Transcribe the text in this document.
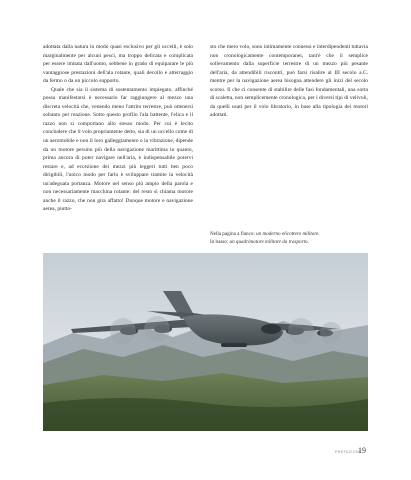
adottata dalla natura in modo quasi esclusivo per gli uccelli, è solo marginalmente per alcuni pesci, ma troppo delicata e complicata per essere imitata dall'uomo, sebbene in grado di equiparare le più vantaggiose prestazioni dell'ala rotante, quali decollo e atterraggio da fermo o da un piccolo supporto.

Quale che sia il sistema di sostentamento impiegato, affinché possa manifestarsi è necessario far raggiungere al mezzo una discreta velocità che, venendo meno l'attrito terrestre, può ottenersi soltanto per reazione. Sotto questo profilo l'ala battente, l'elica e il razzo non si comportano allo stesso modo. Per cui è lecito concludere che il volo propriamente detto, sia di un uccello come di un aeromobile e non il loro galleggiamento o la vibrazione, dipende da un motore persino più della navigazione marittima in quanto, prima ancora di poter navigare nell'aria, è indispensabile potervi restare e, ad eccezione dei mezzi più leggeri tutti ben poco dirigibili, l'unico modo per farlo è sviluppare tramite la velocità un'adeguata portanza. Motore nel senso più ampio della parola e non necessariamente macchina rotante: del resto si chiama motore anche il razzo, che non gira affatto! Dunque motore e navigazione aerea, piutto-

sto che mero volo, sono intimamente connessi e interdipendenti tuttavia non cronologicamente contemporanei, tant'è che il semplice sollevamento dalla superficie terrestre di un mezzo più pesante dell'aria, da attendibili riscontri, può farsi risalire al III secolo a.C. mentre per la navigazione aerea bisogna attendere gli inizi del secolo scorso. Il che ci consente di stabilire delle fasi fondamentali, una sorta di scaletta, non semplicemente cronologica, per i diversi tipi di velivoli, da quelli usati per il volo libratorio, in base alla tipologia dei motori adottati.

Nella pagina a fianco: un moderno elicottero militare.
In basso: un quadrimotore militare da trasporto.
PREFAZIONE
19
